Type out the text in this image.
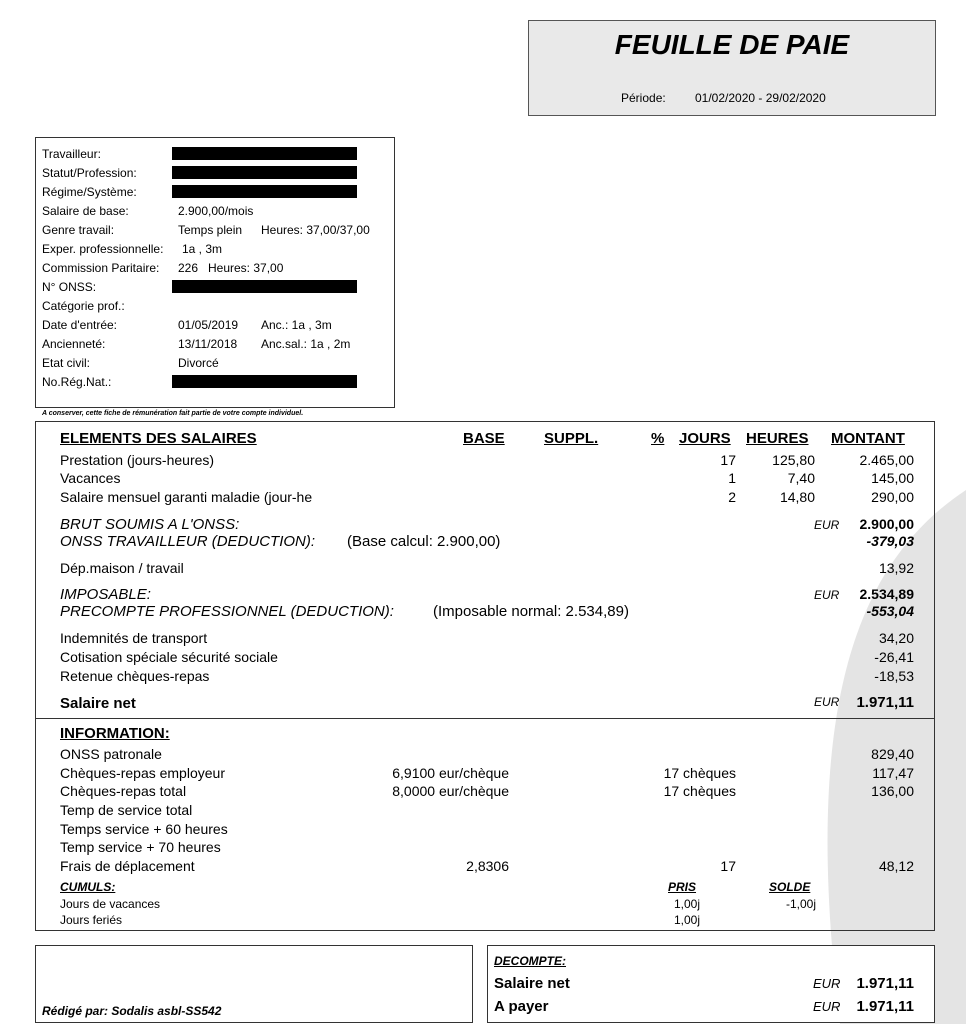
FEUILLE DE PAIE
Période: 01/02/2020 - 29/02/2020
Travailleur:
Statut/Profession:
Régime/Système:
Salaire de base:	2.900,00/mois
Genre travail:	Temps plein Heures: 37,00/37,00
Exper. professionnelle: 1a , 3m
Commission Paritaire: 226 Heures: 37,00
N° ONSS:
Catégorie prof.:
Date d'entrée:	01/05/2019 Anc.: 1a , 3m
Ancienneté:	13/11/2018 Anc.sal.: 1a , 2m
Etat civil:	Divorcé
No.Rég.Nat.:
A conserver, cette fiche de rémunération fait partie de votre compte individuel.
ELEMENTS DES SALAIRES	BASE	SUPPL.	% JOURS HEURES MONTANT
Prestation (jours-heures)	17	125,80	2.465,00
Vacances	1	7,40	145,00
Salaire mensuel garanti maladie (jour-he	2	14,80	290,00
BRUT SOUMIS A L'ONSS:	EUR	2.900,00
ONSS TRAVAILLEUR (DEDUCTION): (Base calcul: 2.900,00)	-379,03
Dép.maison / travail	13,92
IMPOSABLE:	EUR	2.534,89
PRECOMPTE PROFESSIONNEL (DEDUCTION):	(Imposable normal: 2.534,89)	-553,04
Indemnités de transport	34,20
Cotisation spéciale sécurité sociale	-26,41
Retenue chèques-repas	-18,53
Salaire net	EUR	1.971,11
INFORMATION:
ONSS patronale	829,40
Chèques-repas employeur	6,9100 eur/chèque	17 chèques	117,47
Chèques-repas total	8,0000 eur/chèque	17 chèques	136,00
Temp de service total
Temps service + 60 heures
Temp service + 70 heures
Frais de déplacement	2,8306	17	48,12
CUMULS:	PRIS	SOLDE
Jours de vacances	1,00j	-1,00j
Jours feriés	1,00j
Rédigé par: Sodalis asbl-SS542
DECOMPTE:
Salaire net	EUR	1.971,11
A payer	EUR	1.971,11
